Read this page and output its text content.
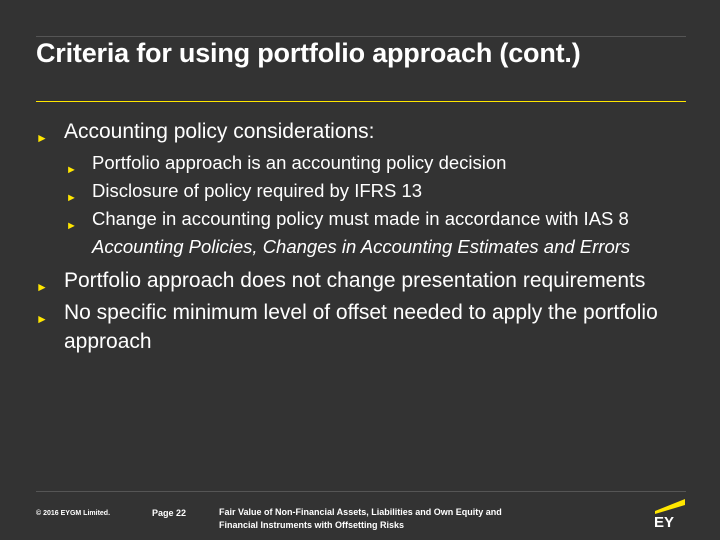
Criteria for using portfolio approach (cont.)
► Accounting policy considerations:
► Portfolio approach is an accounting policy decision
► Disclosure of policy required by IFRS 13
► Change in accounting policy must made in accordance with IAS 8 Accounting Policies, Changes in Accounting Estimates and Errors
► Portfolio approach does not change presentation requirements
► No specific minimum level of offset needed to apply the portfolio approach
© 2016 EYGM Limited.	Page 22	Fair Value of Non-Financial Assets, Liabilities and Own Equity and Financial Instruments with Offsetting Risks	EY
